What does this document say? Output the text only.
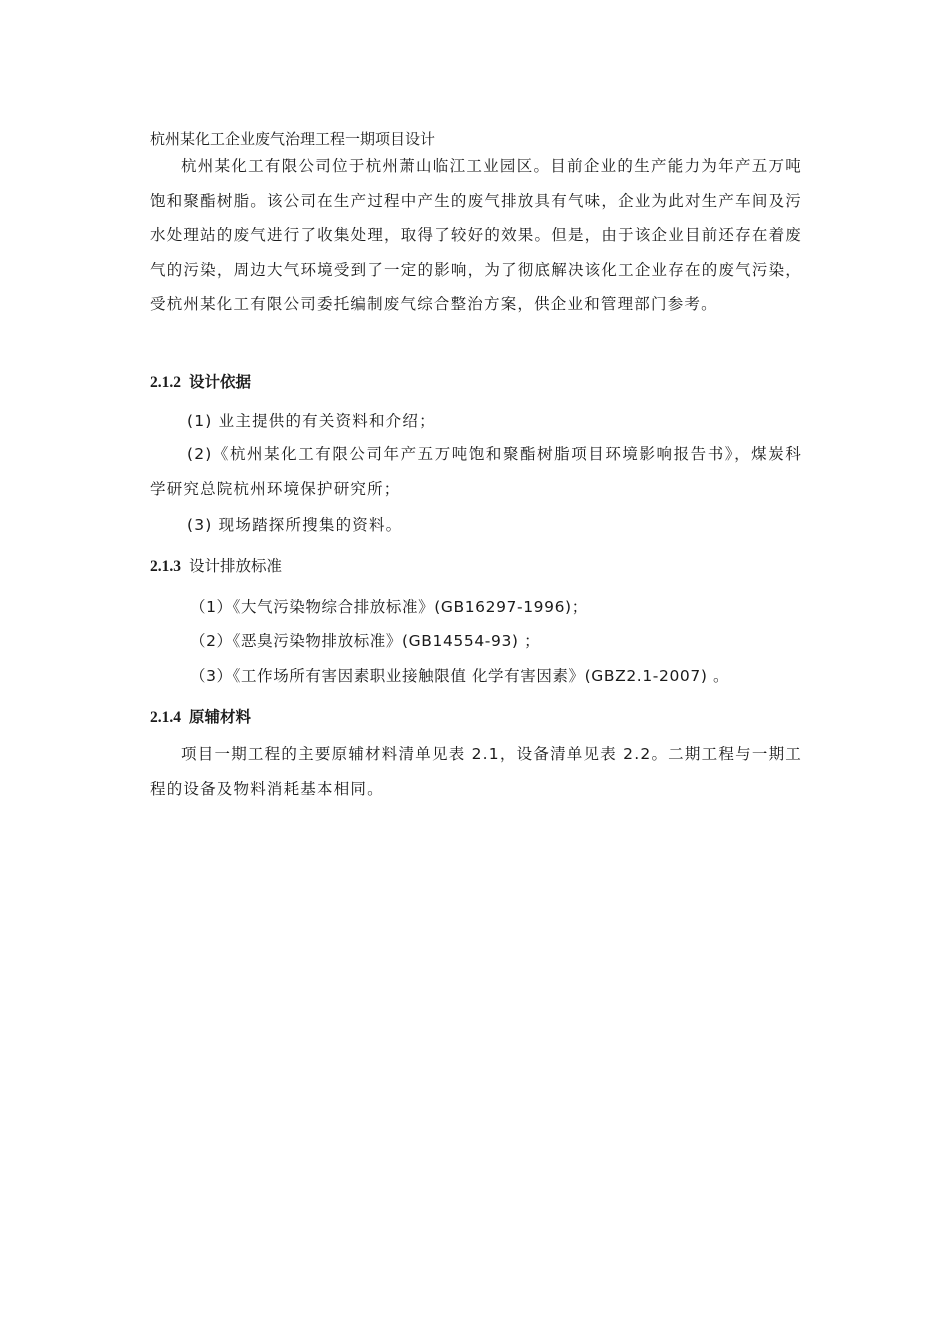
杭州某化工企业废气治理工程一期项目设计
杭州某化工有限公司位于杭州萧山临江工业园区。目前企业的生产能力为年产五万吨饱和聚酯树脂。该公司在生产过程中产生的废气排放具有气味，企业为此对生产车间及污水处理站的废气进行了收集处理，取得了较好的效果。但是，由于该企业目前还存在着废气的污染，周边大气环境受到了一定的影响，为了彻底解决该化工企业存在的废气污染，受杭州某化工有限公司委托编制废气综合整治方案，供企业和管理部门参考。
2.1.2 设计依据
(1) 业主提供的有关资料和介绍；
(2)《杭州某化工有限公司年产五万吨饱和聚酯树脂项目环境影响报告书》，煤炭科学研究总院杭州环境保护研究所；
(3) 现场踏探所搜集的资料。
2.1.3 设计排放标准
（1）《大气污染物综合排放标准》(GB16297-1996)；
（2）《恶臭污染物排放标准》(GB14554-93) ；
（3）《工作场所有害因素职业接触限值 化学有害因素》(GBZ2.1-2007) 。
2.1.4 原辅材料
项目一期工程的主要原辅材料清单见表 2.1，设备清单见表 2.2。二期工程与一期工程的设备及物料消耗基本相同。
